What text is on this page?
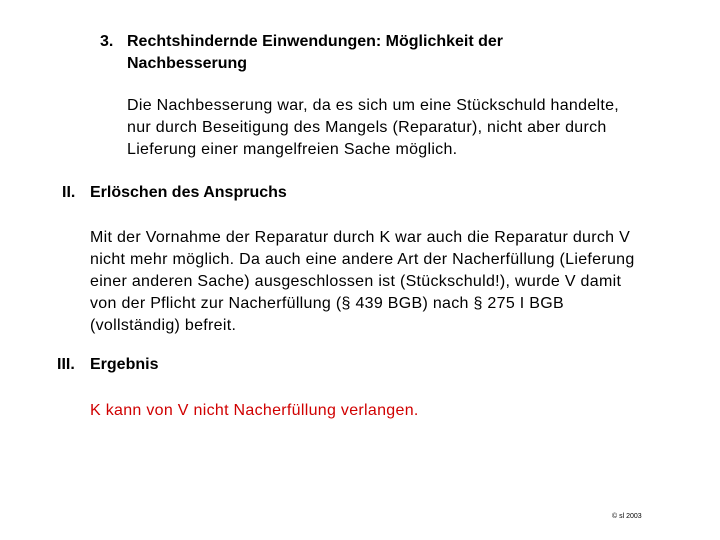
3. Rechtshindernde Einwendungen: Möglichkeit der
Nachbesserung
Die Nachbesserung war, da es sich um eine Stückschuld handelte,
nur durch Beseitigung des Mangels (Reparatur), nicht aber durch
Lieferung einer mangelfreien Sache möglich.
II. Erlöschen des Anspruchs
Mit der Vornahme der Reparatur durch K war auch die Reparatur durch V
nicht mehr möglich. Da auch eine andere Art der Nacherfüllung (Lieferung
einer anderen Sache) ausgeschlossen ist (Stückschuld!), wurde V damit
von der Pflicht zur Nacherfüllung (§ 439 BGB) nach § 275 I BGB
(vollständig) befreit.
III. Ergebnis
K kann von V nicht Nacherfüllung verlangen.
© sl 2003
